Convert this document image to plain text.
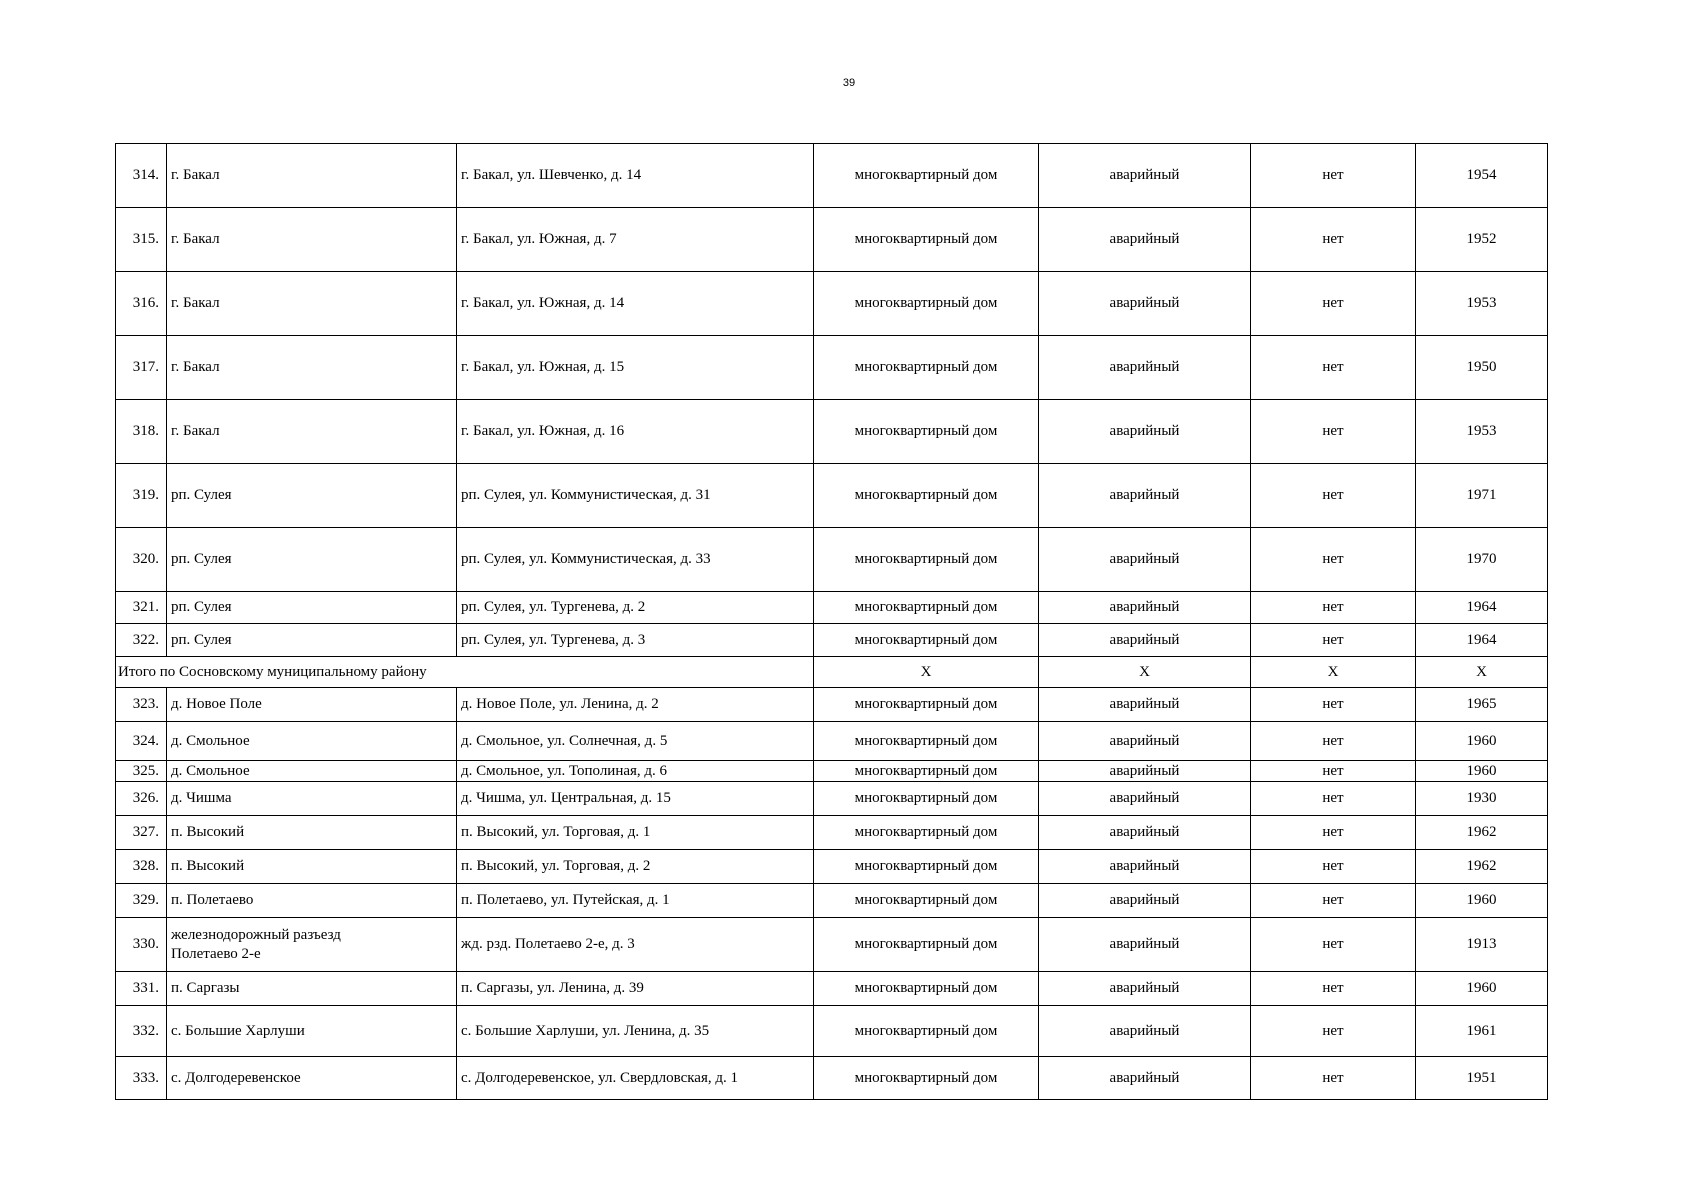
39
314.	г. Бакал	г. Бакал, ул. Шевченко, д. 14	многоквартирный дом	аварийный	нет	1954
315.	г. Бакал	г. Бакал, ул. Южная, д. 7	многоквартирный дом	аварийный	нет	1952
316.	г. Бакал	г. Бакал, ул. Южная, д. 14	многоквартирный дом	аварийный	нет	1953
317.	г. Бакал	г. Бакал, ул. Южная, д. 15	многоквартирный дом	аварийный	нет	1950
318.	г. Бакал	г. Бакал, ул. Южная, д. 16	многоквартирный дом	аварийный	нет	1953
319.	рп. Сулея	рп. Сулея, ул. Коммунистическая, д. 31	многоквартирный дом	аварийный	нет	1971
320.	рп. Сулея	рп. Сулея, ул. Коммунистическая, д. 33	многоквартирный дом	аварийный	нет	1970
321.	рп. Сулея	рп. Сулея, ул. Тургенева, д. 2	многоквартирный дом	аварийный	нет	1964
322.	рп. Сулея	рп. Сулея, ул. Тургенева, д. 3	многоквартирный дом	аварийный	нет	1964
Итого по Сосновскому муниципальному району			Х	Х	Х	Х
323.	д. Новое Поле	д. Новое Поле, ул. Ленина, д. 2	многоквартирный дом	аварийный	нет	1965
324.	д. Смольное	д. Смольное, ул. Солнечная, д. 5	многоквартирный дом	аварийный	нет	1960
325.	д. Смольное	д. Смольное, ул. Тополиная, д. 6	многоквартирный дом	аварийный	нет	1960
326.	д. Чишма	д. Чишма, ул. Центральная, д. 15	многоквартирный дом	аварийный	нет	1930
327.	п. Высокий	п. Высокий, ул. Торговая, д. 1	многоквартирный дом	аварийный	нет	1962
328.	п. Высокий	п. Высокий, ул. Торговая, д. 2	многоквартирный дом	аварийный	нет	1962
329.	п. Полетаево	п. Полетаево, ул. Путейская, д. 1	многоквартирный дом	аварийный	нет	1960
330.	железнодорожный разъезд Полетаево 2-е	жд. рзд. Полетаево 2-е, д. 3	многоквартирный дом	аварийный	нет	1913
331.	п. Саргазы	п. Саргазы, ул. Ленина, д. 39	многоквартирный дом	аварийный	нет	1960
332.	с. Большие Харлуши	с. Большие Харлуши, ул. Ленина, д. 35	многоквартирный дом	аварийный	нет	1961
333.	с. Долгодеревенское	с. Долгодеревенское, ул. Свердловская, д. 1	многоквартирный дом	аварийный	нет	1951
